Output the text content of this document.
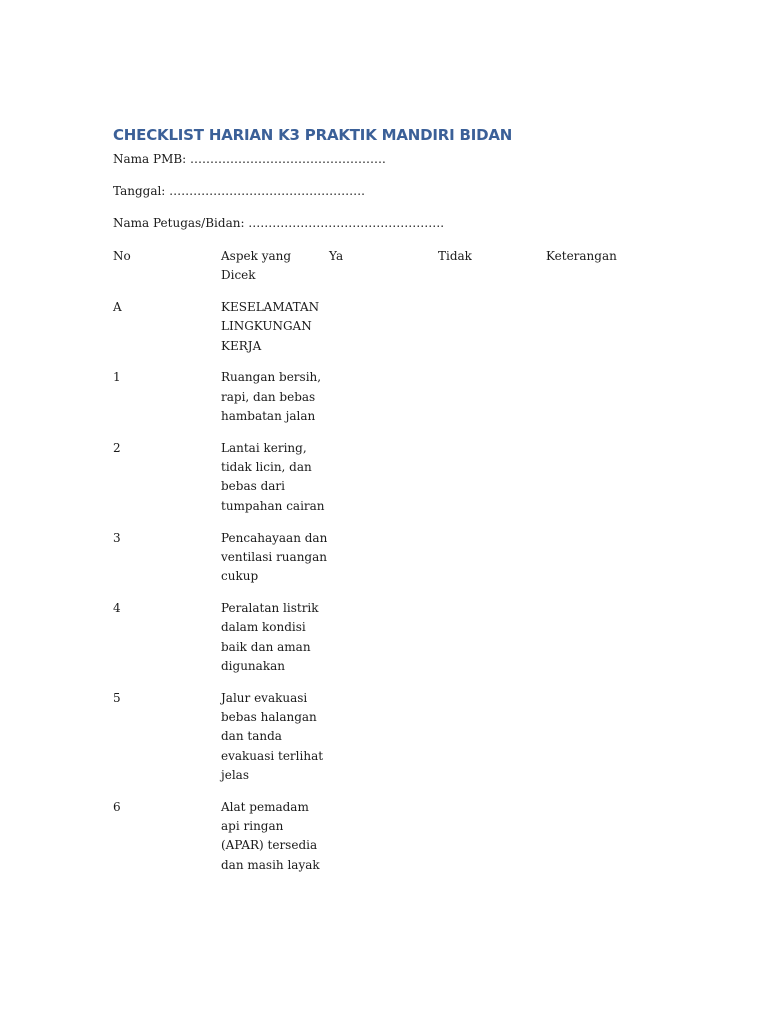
CHECKLIST HARIAN K3 PRAKTIK MANDIRI BIDAN

Nama PMB: ………………………………………….

Tanggal: ………………………………………….

Nama Petugas/Bidan: ………………………………………….

No	Aspek yang Dicek	Ya	Tidak	Keterangan
A	KESELAMATAN LINGKUNGAN KERJA			
1	Ruangan bersih, rapi, dan bebas hambatan jalan			
2	Lantai kering, tidak licin, dan bebas dari tumpahan cairan			
3	Pencahayaan dan ventilasi ruangan cukup			
4	Peralatan listrik dalam kondisi baik dan aman digunakan			
5	Jalur evakuasi bebas halangan dan tanda evakuasi terlihat jelas			
6	Alat pemadam api ringan (APAR) tersedia dan masih layak			
